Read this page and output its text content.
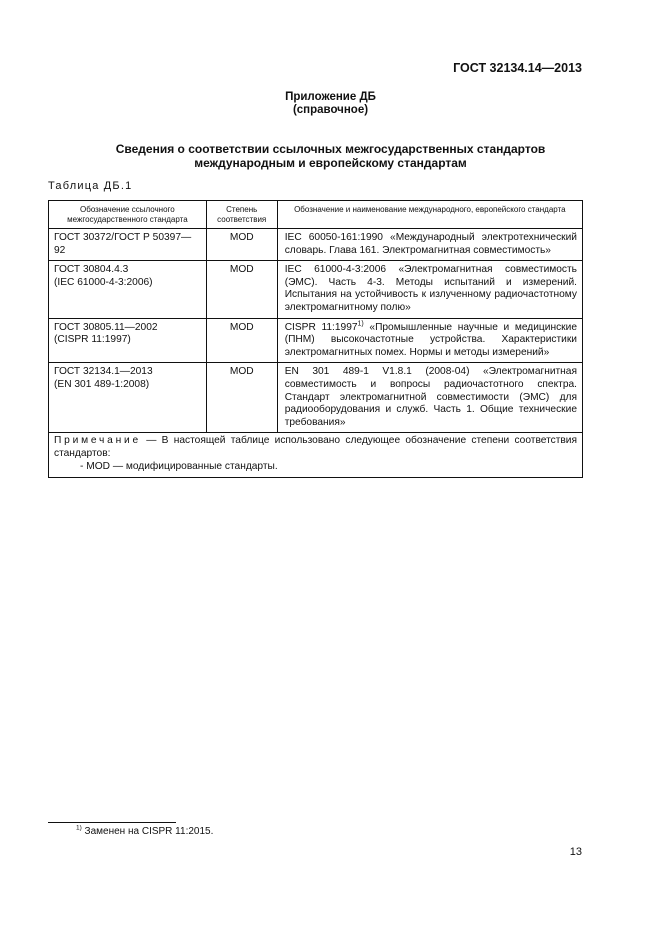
ГОСТ 32134.14—2013
Приложение ДБ
(справочное)
Сведения о соответствии ссылочных межгосударственных стандартов
международным и европейскому стандартам
Таблица ДБ.1
Обозначение ссылочного межгосударственного стандарта	Степень соответствия	Обозначение и наименование международного, европейского стандарта

ГОСТ 30372/ГОСТ Р 50397—92	MOD	IEC 60050-161:1990 «Международный электротехнический словарь. Глава 161. Электромагнитная совместимость»

ГОСТ 30804.4.3
(IEC 61000-4-3:2006)	MOD	IEC 61000-4-3:2006 «Электромагнитная совместимость (ЭМС). Часть 4-3. Методы испытаний и измерений. Испытания на устойчивость к излученному радиочастотному электромагнитному полю»

ГОСТ 30805.11—2002
(CISPR 11:1997)	MOD	CISPR 11:1997$^{1)}$ «Промышленные научные и медицинские (ПНМ) высокочастотные устройства. Характеристики электромагнитных помех. Нормы и методы измерений»

ГОСТ 32134.1—2013
(EN 301 489-1:2008)	MOD	EN 301 489-1 V1.8.1 (2008-04) «Электромагнитная совместимость и вопросы радиочастотного спектра. Стандарт электромагнитной совместимости (ЭМС) для радиооборудования и служб. Часть 1. Общие технические требования»

Примечание — В настоящей таблице использовано следующее обозначение степени соответствия стандартов:
- MOD — модифицированные стандарты.		
$^{1)}$ Заменен на CISPR 11:2015.
13
